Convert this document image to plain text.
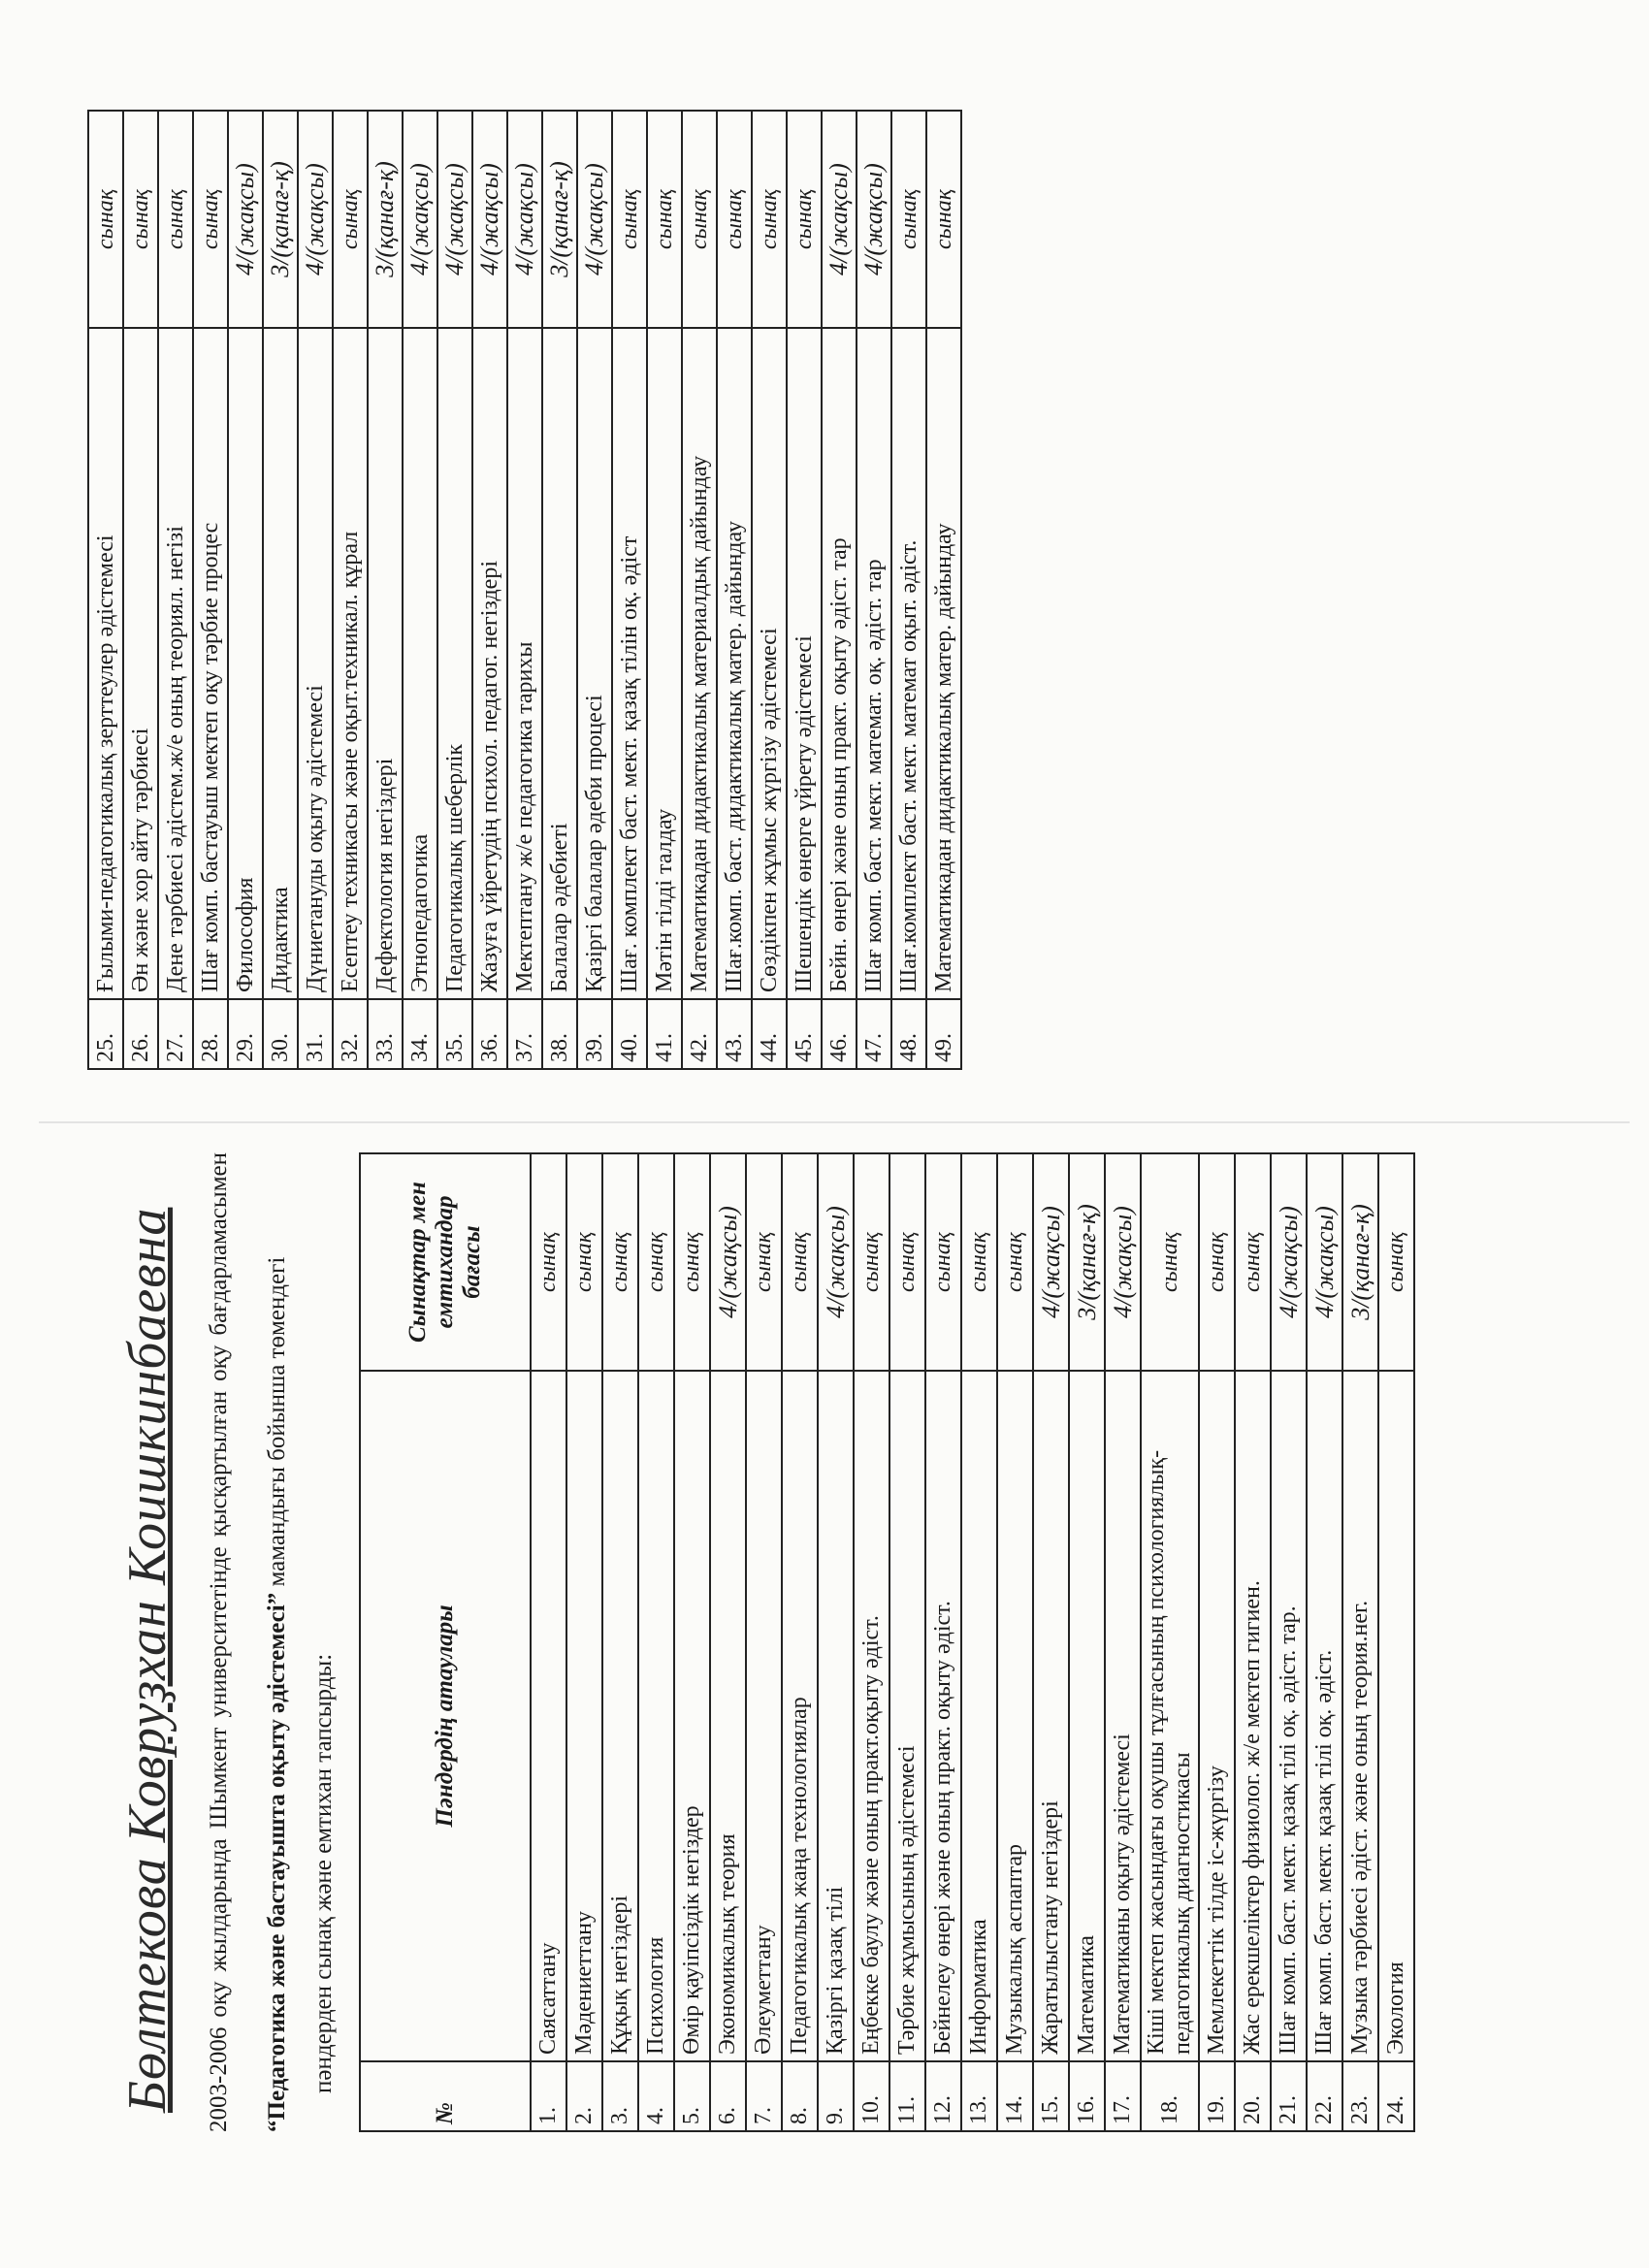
Бөлтекова Ковруҙхан Коишкинбаевна	2003-2006 оқу жылдарында Шымкент университетінде қысқартылған оқу бағдарламасымен “Педагогика және бастауышта оқыту әдістемесі” мамандығы бойынша төмендегі

пәндерден сынақ және емтихан тапсырды:
№	Пәндердің атаулары	Сынақтар мен емтихандар бағасы
1.	Саясаттану	сынақ
2.	Мәдениеттану	сынақ
3.	Құқық негіздері	сынақ
4.	Психология	сынақ
5.	Өмір қауіпсіздік негіздер	сынақ
6.	Экономикалық теория	4/(жақсы)
7.	Әлеуметтану	сынақ
8.	Педагогикалық жаңа технологиялар	сынақ
9.	Қазіргі қазақ тілі	4/(жақсы)
10.	Еңбекке баулу және оның практ.оқыту әдіст.	сынақ
11.	Тәрбие жұмысының әдістемесі	сынақ
12.	Бейнелеу өнері және оның практ. оқыту әдіст.	сынақ
13.	Информатика	сынақ
14.	Музыкалық аспаптар	сынақ
15.	Жаратылыстану негіздері	4/(жақсы)
16.	Математика	3/(қанағ-қ)
17.	Математиканы оқыту әдістемесі	4/(жақсы)
18.	Кіші мектеп жасындағы оқушы тұлғасының психологиялық-педагогикалық диагностикасы	сынақ
19.	Мемлекеттік тілде іс-жүргізу	сынақ
20.	Жас ерекшеліктер физиолог. ж/е мектеп гигиен.	сынақ
21.	Шағ комп. баст. мект. қазақ тілі оқ. әдіст. тар.	4/(жақсы)
22.	Шағ комп. баст. мект. қазақ тілі оқ. әдіст.	4/(жақсы)
23.	Музыка тәрбиесі әдіст. және оның теория.нег.	3/(қанағ-қ)
24.	Экология	сынақ
25.	Ғылыми-педагогикалық зерттеулер әдістемесі	сынақ
26.	Ән және хор айту тәрбиесі	сынақ
27.	Дене тәрбиесі әдістем.ж/е оның теориял. негізі	сынақ
28.	Шағ комп. бастауыш мектеп оқу тәрбие процес	сынақ
29.	Философия	4/(жақсы)
30.	Дидактика	3/(қанағ-қ)
31.	Дүниетануды оқыту әдістемесі	4/(жақсы)
32.	Есептеу техникасы және оқыт.техникал. құрал	сынақ
33.	Дефектология негіздері	3/(қанағ-қ)
34.	Этнопедагогика	4/(жақсы)
35.	Педагогикалық шеберлік	4/(жақсы)
36.	Жазуға үйретудің психол. педагог. негіздері	4/(жақсы)
37.	Мектептану ж/е педагогика тарихы	4/(жақсы)
38.	Балалар әдебиеті	3/(қанағ-қ)
39.	Қазіргі балалар әдеби процесі	4/(жақсы)
40.	Шағ. комплект баст. мект. қазақ тілін оқ. әдіст	сынақ
41.	Мәтін тілді талдау	сынақ
42.	Математикадан дидактикалық материалдық дайындау	сынақ
43.	Шағ.комп. баст. дидактикалық матер. дайындау	сынақ
44.	Сөздікпен жұмыс жүргізу әдістемесі	сынақ
45.	Шешендік өнерге үйрету әдістемесі	сынақ
46.	Бейн. өнері және оның практ. оқыту әдіст. тар	4/(жақсы)
47.	Шағ комп. баст. мект. математ. оқ. әдіст. тар	4/(жақсы)
48.	Шағ.комплект баст. мект. математ оқыт. әдіст.	сынақ
49.	Математикадан дидактикалық матер. дайындау	сынақ
